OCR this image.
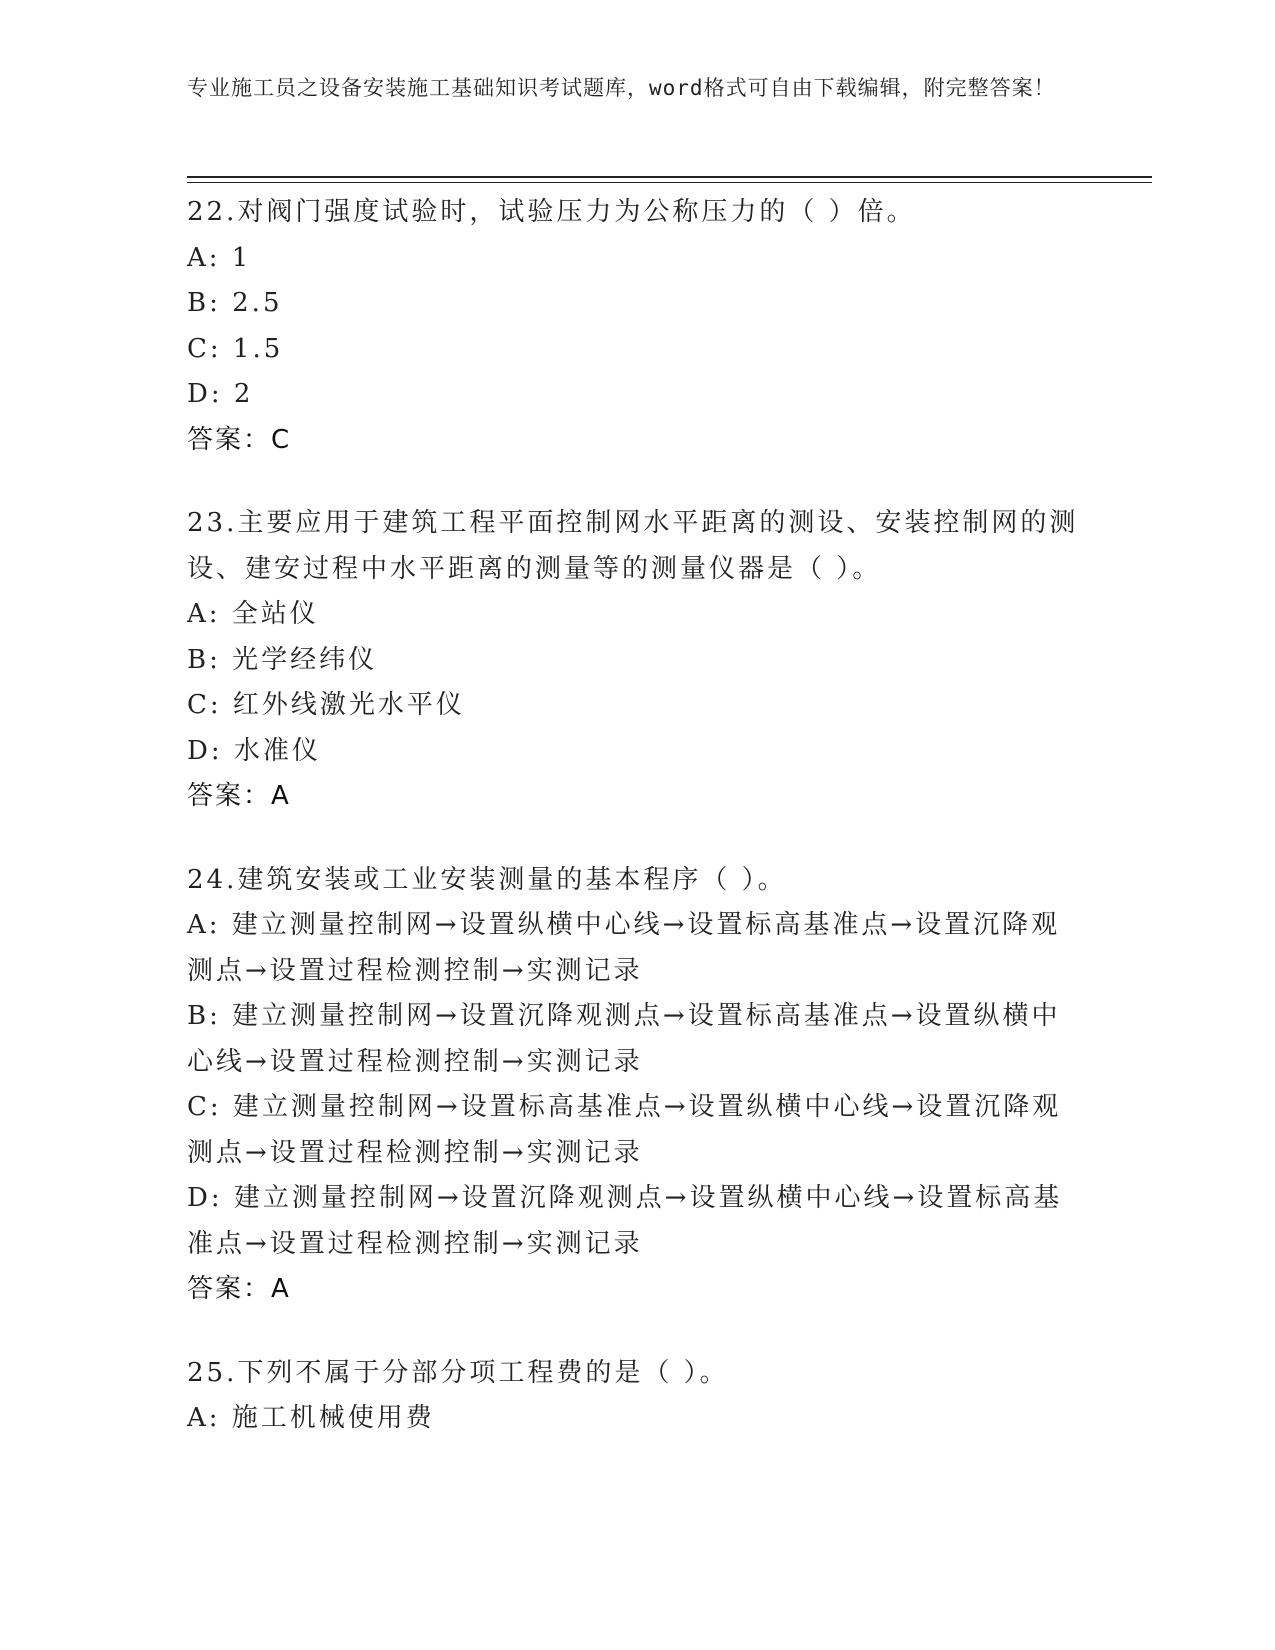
专业施工员之设备安装施工基础知识考试题库，word格式可自由下载编辑，附完整答案！
22.对阀门强度试验时，试验压力为公称压力的（ ）倍。
A: 1
B: 2.5
C: 1.5
D: 2
答案：C
23.主要应用于建筑工程平面控制网水平距离的测设、安装控制网的测设、建安过程中水平距离的测量等的测量仪器是（ ）。
A: 全站仪
B: 光学经纬仪
C: 红外线激光水平仪
D: 水准仪
答案：A
24.建筑安装或工业安装测量的基本程序（ ）。
A: 建立测量控制网→设置纵横中心线→设置标高基准点→设置沉降观测点→设置过程检测控制→实测记录
B: 建立测量控制网→设置沉降观测点→设置标高基准点→设置纵横中心线→设置过程检测控制→实测记录
C: 建立测量控制网→设置标高基准点→设置纵横中心线→设置沉降观测点→设置过程检测控制→实测记录
D: 建立测量控制网→设置沉降观测点→设置纵横中心线→设置标高基准点→设置过程检测控制→实测记录
答案：A
25.下列不属于分部分项工程费的是（ ）。
A: 施工机械使用费
